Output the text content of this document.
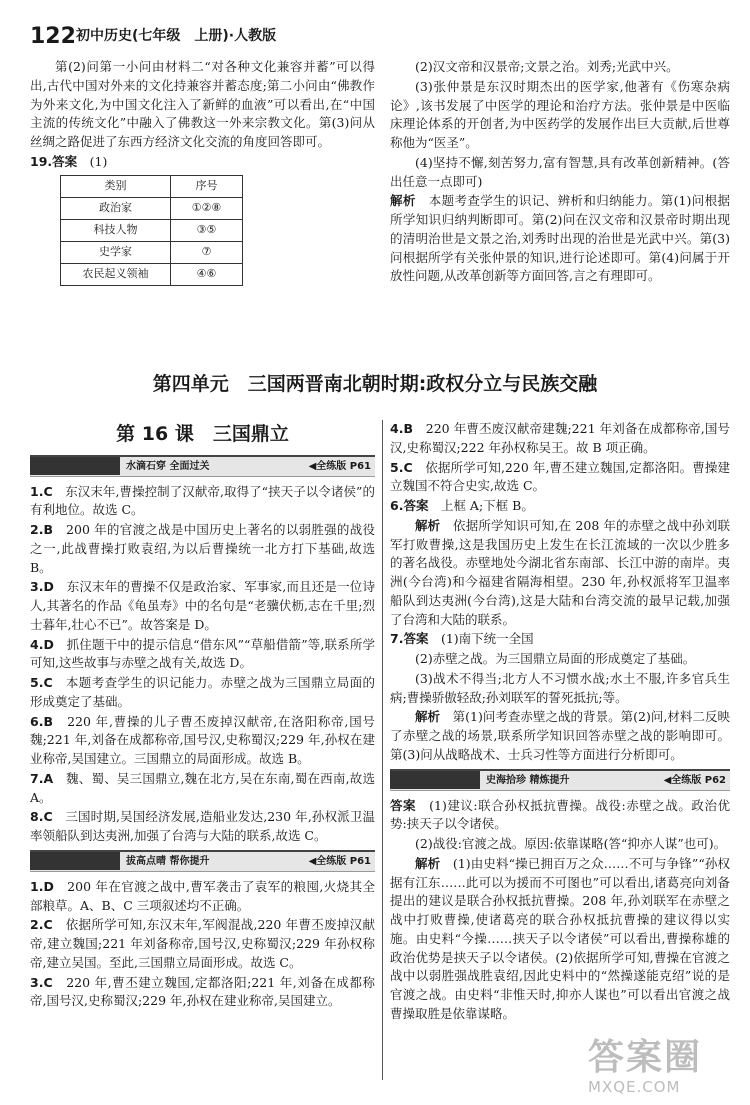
122 初中历史(七年级　上册)·人教版

第(2)问第一小问由材料二“对各种文化兼容并蓄”可以得出,古代中国对外来的文化持兼容并蓄态度;第二小问由“佛教作为外来文化,为中国文化注入了新鲜的血液”可以看出,在“中国主流的传统文化”中融入了佛教这一外来宗教文化。第(3)问从丝绸之路促进了东西方经济文化交流的角度回答即可。

19.答案　(1)

类别	序号
政治家	①②⑧
科技人物	③⑤
史学家	⑦
农民起义领袖	④⑥

(2)汉文帝和汉景帝;文景之治。刘秀;光武中兴。

(3)张仲景是东汉时期杰出的医学家,他著有《伤寒杂病论》,该书发展了中医学的理论和治疗方法。张仲景是中医临床理论体系的开创者,为中医药学的发展作出巨大贡献,后世尊称他为“医圣”。

(4)坚持不懈,刻苦努力,富有智慧,具有改革创新精神。(答出任意一点即可)

解析　本题考查学生的识记、辨析和归纳能力。第(1)问根据所学知识归纳判断即可。第(2)问在汉文帝和汉景帝时期出现的清明治世是文景之治,刘秀时出现的治世是光武中兴。第(3)问根据所学有关张仲景的知识,进行论述即可。第(4)问属于开放性问题,从改革创新等方面回答,言之有理即可。

第四单元　三国两晋南北朝时期:政权分立与民族交融
第 16 课　三国鼎立
水滴石穿 全面过关	◀全练版 P61

1.C　东汉末年,曹操控制了汉献帝,取得了“挟天子以令诸侯”的有利地位。故选 C。

2.B　200 年的官渡之战是中国历史上著名的以弱胜强的战役之一,此战曹操打败袁绍,为以后曹操统一北方打下基础,故选 B。

3.D　东汉末年的曹操不仅是政治家、军事家,而且还是一位诗人,其著名的作品《龟虽寿》中的名句是“老骥伏枥,志在千里;烈士暮年,壮心不已”。故答案是 D。

4.D　抓住题干中的提示信息“借东风”“草船借箭”等,联系所学可知,这些故事与赤壁之战有关,故选 D。

5.C　本题考查学生的识记能力。赤壁之战为三国鼎立局面的形成奠定了基础。

6.B　220 年,曹操的儿子曹丕废掉汉献帝,在洛阳称帝,国号魏;221 年,刘备在成都称帝,国号汉,史称蜀汉;229 年,孙权在建业称帝,吴国建立。三国鼎立的局面形成。故选 B。

7.A　魏、蜀、吴三国鼎立,魏在北方,吴在东南,蜀在西南,故选 A。

8.C　三国时期,吴国经济发展,造船业发达,230 年,孙权派卫温率领船队到达夷洲,加强了台湾与大陆的联系,故选 C。

拔高点晴 帮你提升	◀全练版 P61

1.D　200 年在官渡之战中,曹军袭击了袁军的粮囤,火烧其全部粮草。A、B、C 三项叙述均不正确。

2.C　依据所学可知,东汉末年,军阀混战,220 年曹丕废掉汉献帝,建立魏国;221 年刘备称帝,国号汉,史称蜀汉;229 年孙权称帝,建立吴国。至此,三国鼎立局面形成。故选 C。

3.C　220 年,曹丕建立魏国,定都洛阳;221 年,刘备在成都称帝,国号汉,史称蜀汉;229 年,孙权在建业称帝,吴国建立。

4.B　220 年曹丕废汉献帝建魏;221 年刘备在成都称帝,国号汉,史称蜀汉;222 年孙权称吴王。故 B 项正确。

5.C　依据所学可知,220 年,曹丕建立魏国,定都洛阳。曹操建立魏国不符合史实,故选 C。

6.答案　上框 A;下框 B。

解析　依据所学知识可知,在 208 年的赤壁之战中孙刘联军打败曹操,这是我国历史上发生在长江流域的一次以少胜多的著名战役。赤壁地处今湖北省东南部、长江中游的南岸。夷洲(今台湾)和今福建省隔海相望。230 年,孙权派将军卫温率船队到达夷洲(今台湾),这是大陆和台湾交流的最早记载,加强了台湾和大陆的联系。

7.答案　(1)南下统一全国

(2)赤壁之战。为三国鼎立局面的形成奠定了基础。

(3)战术不得当;北方人不习惯水战;水土不服,许多官兵生病;曹操骄傲轻敌;孙刘联军的誓死抵抗;等。

解析　第(1)问考查赤壁之战的背景。第(2)问,材料二反映了赤壁之战的场景,联系所学知识回答赤壁之战的影响即可。第(3)问从战略战术、士兵习性等方面进行分析即可。

史海拾珍 精炼提升	◀全练版 P62

答案　(1)建议:联合孙权抵抗曹操。战役:赤壁之战。政治优势:挟天子以令诸侯。

(2)战役:官渡之战。原因:依靠谋略(答“抑亦人谋”也可)。

解析　(1)由史料“操已拥百万之众……不可与争锋”“孙权据有江东……此可以为援而不可图也”可以看出,诸葛亮向刘备提出的建议是联合孙权抵抗曹操。208 年,孙刘联军在赤壁之战中打败曹操,使诸葛亮的联合孙权抵抗曹操的建议得以实施。由史料“今操……挟天子以令诸侯”可以看出,曹操称雄的政治优势是挟天子以令诸侯。(2)依据所学可知,曹操在官渡之战中以弱胜强战胜袁绍,因此史料中的“然操遂能克绍”说的是官渡之战。由史料“非惟天时,抑亦人谋也”可以看出官渡之战曹操取胜是依靠谋略。

答案圈
MXQE.COM
